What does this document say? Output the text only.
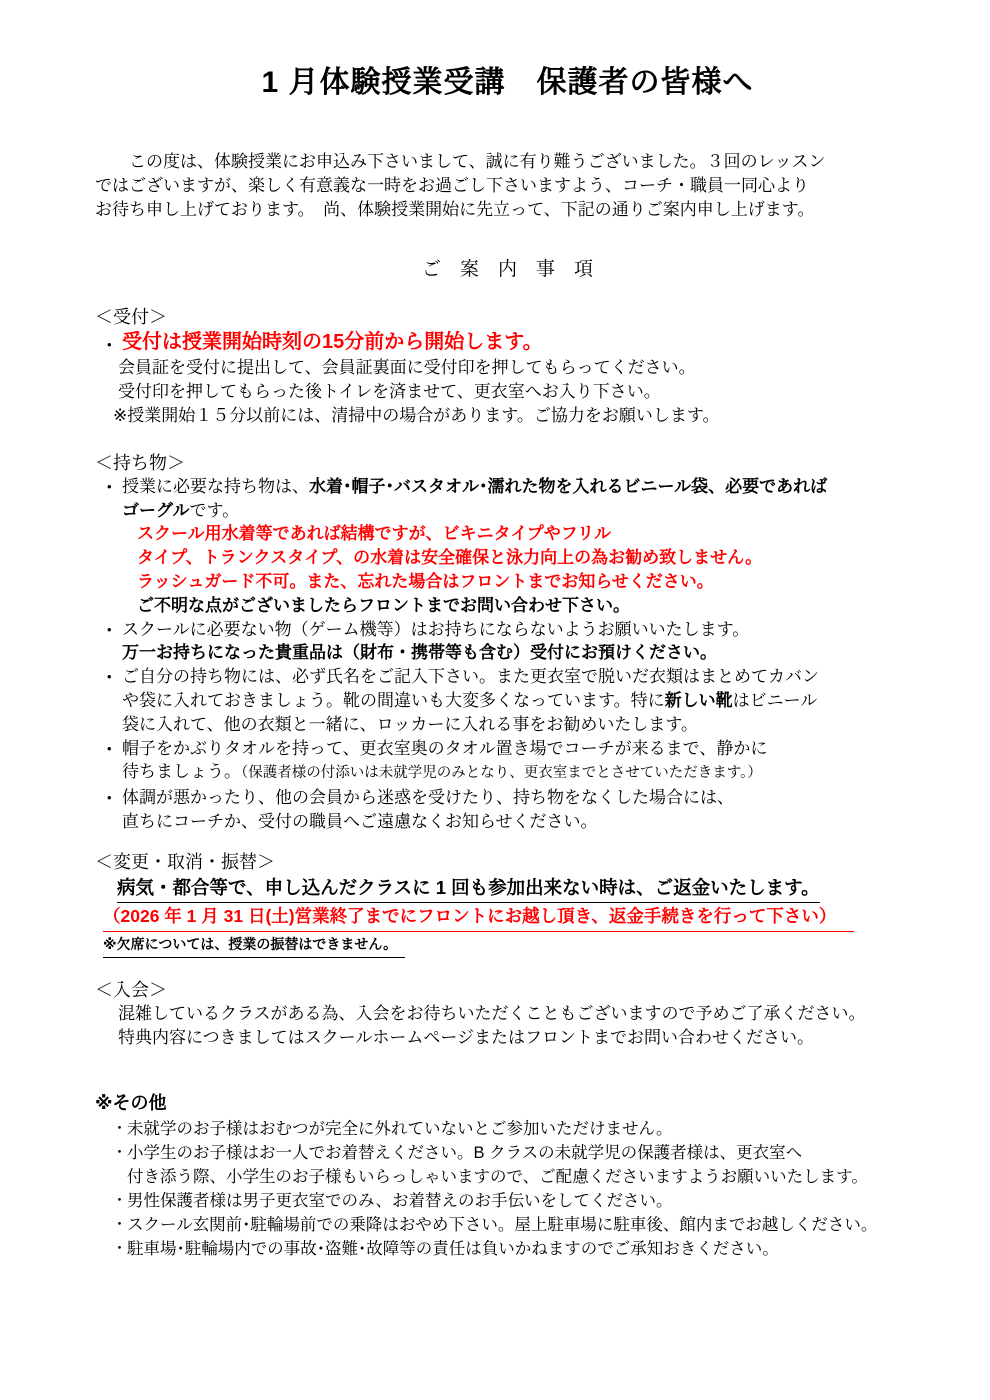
1 月体験授業受講　保護者の皆様へ
　　この度は、体験授業にお申込み下さいまして、誠に有り難うございました。３回のレッスン
ではございますが、楽しく有意義な一時をお過ごし下さいますよう、コーチ・職員一同心より
お待ち申し上げております。　尚、体験授業開始に先立って、下記の通りご案内申し上げます。
ご　案　内　事　項
＜受付＞
• 受付は授業開始時刻の15分前から開始します。
会員証を受付に提出して、会員証裏面に受付印を押してもらってください。
受付印を押してもらった後トイレを済ませて、更衣室へお入り下さい。
※授業開始１５分以前には、清掃中の場合があります。ご協力をお願いします。
＜持ち物＞
• 授業に必要な持ち物は、水着･帽子･バスタオル･濡れた物を入れるビニール袋、必要であれば
ゴーグルです。
スクール用水着等であれば結構ですが、ビキニタイプやフリル
タイプ、トランクスタイプ、の水着は安全確保と泳力向上の為お勧め致しません。
ラッシュガード不可。また、忘れた場合はフロントまでお知らせください。
ご不明な点がございましたらフロントまでお問い合わせ下さい。
• スクールに必要ない物（ゲーム機等）はお持ちにならないようお願いいたします。
万一お持ちになった貴重品は（財布・携帯等も含む）受付にお預けください。
• ご自分の持ち物には、必ず氏名をご記入下さい。また更衣室で脱いだ衣類はまとめてカバン
や袋に入れておきましょう。靴の間違いも大変多くなっています。特に新しい靴はビニール
袋に入れて、他の衣類と一緒に、ロッカーに入れる事をお勧めいたします。
• 帽子をかぶりタオルを持って、更衣室奥のタオル置き場でコーチが来るまで、静かに
待ちましょう。（保護者様の付添いは未就学児のみとなり、更衣室までとさせていただきます。）
• 体調が悪かったり、他の会員から迷惑を受けたり、持ち物をなくした場合には、
直ちにコーチか、受付の職員へご遠慮なくお知らせください。
＜変更・取消・振替＞
病気・都合等で、申し込んだクラスに 1 回も参加出来ない時は、ご返金いたします。
（2026 年 1 月 31 日(土)営業終了までにフロントにお越し頂き、返金手続きを行って下さい）
※欠席については、授業の振替はできません。
＜入会＞
混雑しているクラスがある為、入会をお待ちいただくこともございますので予めご了承ください。
特典内容につきましてはスクールホームページまたはフロントまでお問い合わせください。
※その他
・ 未就学のお子様はおむつが完全に外れていないとご参加いただけません。
・ 小学生のお子様はお一人でお着替えください。B クラスの未就学児の保護者様は、更衣室へ
付き添う際、小学生のお子様もいらっしゃいますので、ご配慮くださいますようお願いいたします。
・ 男性保護者様は男子更衣室でのみ、お着替えのお手伝いをしてください。
・ スクール玄関前･駐輪場前での乗降はおやめ下さい。屋上駐車場に駐車後、館内までお越しください。
・ 駐車場･駐輪場内での事故･盗難･故障等の責任は負いかねますのでご承知おきください。
